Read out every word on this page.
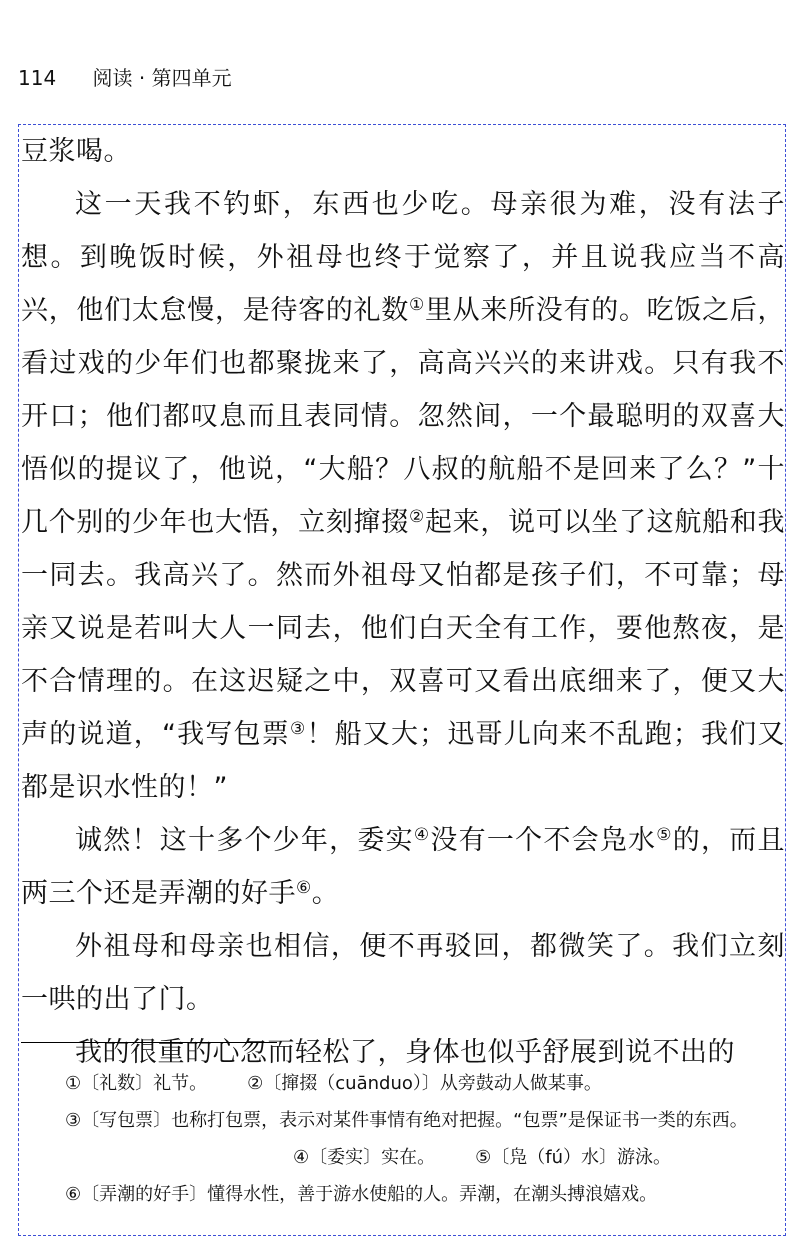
114 阅读 · 第四单元

豆浆喝。

这一天我不钓虾，东西也少吃。母亲很为难，没有法子想。到晚饭时候，外祖母也终于觉察了，并且说我应当不高兴，他们太怠慢，是待客的礼数①里从来所没有的。吃饭之后，看过戏的少年们也都聚拢来了，高高兴兴的来讲戏。只有我不开口；他们都叹息而且表同情。忽然间，一个最聪明的双喜大悟似的提议了，他说，“大船？八叔的航船不是回来了么？”十几个别的少年也大悟，立刻撺掇②起来，说可以坐了这航船和我一同去。我高兴了。然而外祖母又怕都是孩子们，不可靠；母亲又说是若叫大人一同去，他们白天全有工作，要他熬夜，是不合情理的。在这迟疑之中，双喜可又看出底细来了，便又大声的说道，“我写包票③！船又大；迅哥儿向来不乱跑；我们又都是识水性的！”

诚然！这十多个少年，委实④没有一个不会凫水⑤的，而且两三个还是弄潮的好手⑥。

外祖母和母亲也相信，便不再驳回，都微笑了。我们立刻一哄的出了门。

我的很重的心忽而轻松了，身体也似乎舒展到说不出的

①〔礼数〕礼节。 ②〔撺掇（cuānduo）〕从旁鼓动人做某事。

③〔写包票〕也称打包票，表示对某件事情有绝对把握。“包票”是保证书一类的东西。

④〔委实〕实在。 ⑤〔凫（fú）水〕游泳。

⑥〔弄潮的好手〕懂得水性，善于游水使船的人。弄潮，在潮头搏浪嬉戏。
